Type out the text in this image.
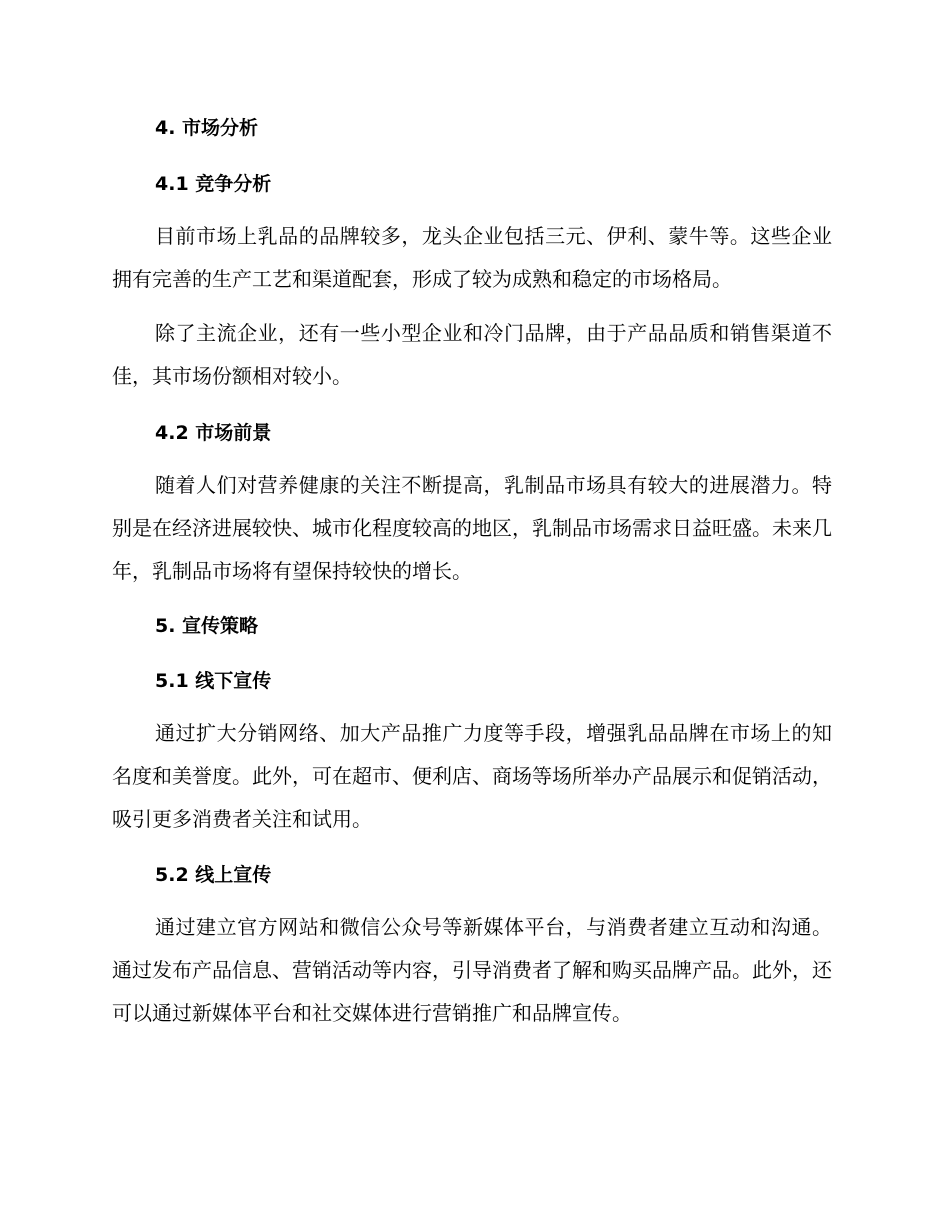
4. 市场分析
4.1 竞争分析

目前市场上乳品的品牌较多，龙头企业包括三元、伊利、蒙牛等。这些企业拥有完善的生产工艺和渠道配套，形成了较为成熟和稳定的市场格局。

除了主流企业，还有一些小型企业和冷门品牌，由于产品品质和销售渠道不佳，其市场份额相对较小。

4.2 市场前景

随着人们对营养健康的关注不断提高，乳制品市场具有较大的进展潜力。特别是在经济进展较快、城市化程度较高的地区，乳制品市场需求日益旺盛。未来几年，乳制品市场将有望保持较快的增长。

5. 宣传策略
5.1 线下宣传

通过扩大分销网络、加大产品推广力度等手段，增强乳品品牌在市场上的知名度和美誉度。此外，可在超市、便利店、商场等场所举办产品展示和促销活动，吸引更多消费者关注和试用。

5.2 线上宣传

通过建立官方网站和微信公众号等新媒体平台，与消费者建立互动和沟通。通过发布产品信息、营销活动等内容，引导消费者了解和购买品牌产品。此外，还可以通过新媒体平台和社交媒体进行营销推广和品牌宣传。
